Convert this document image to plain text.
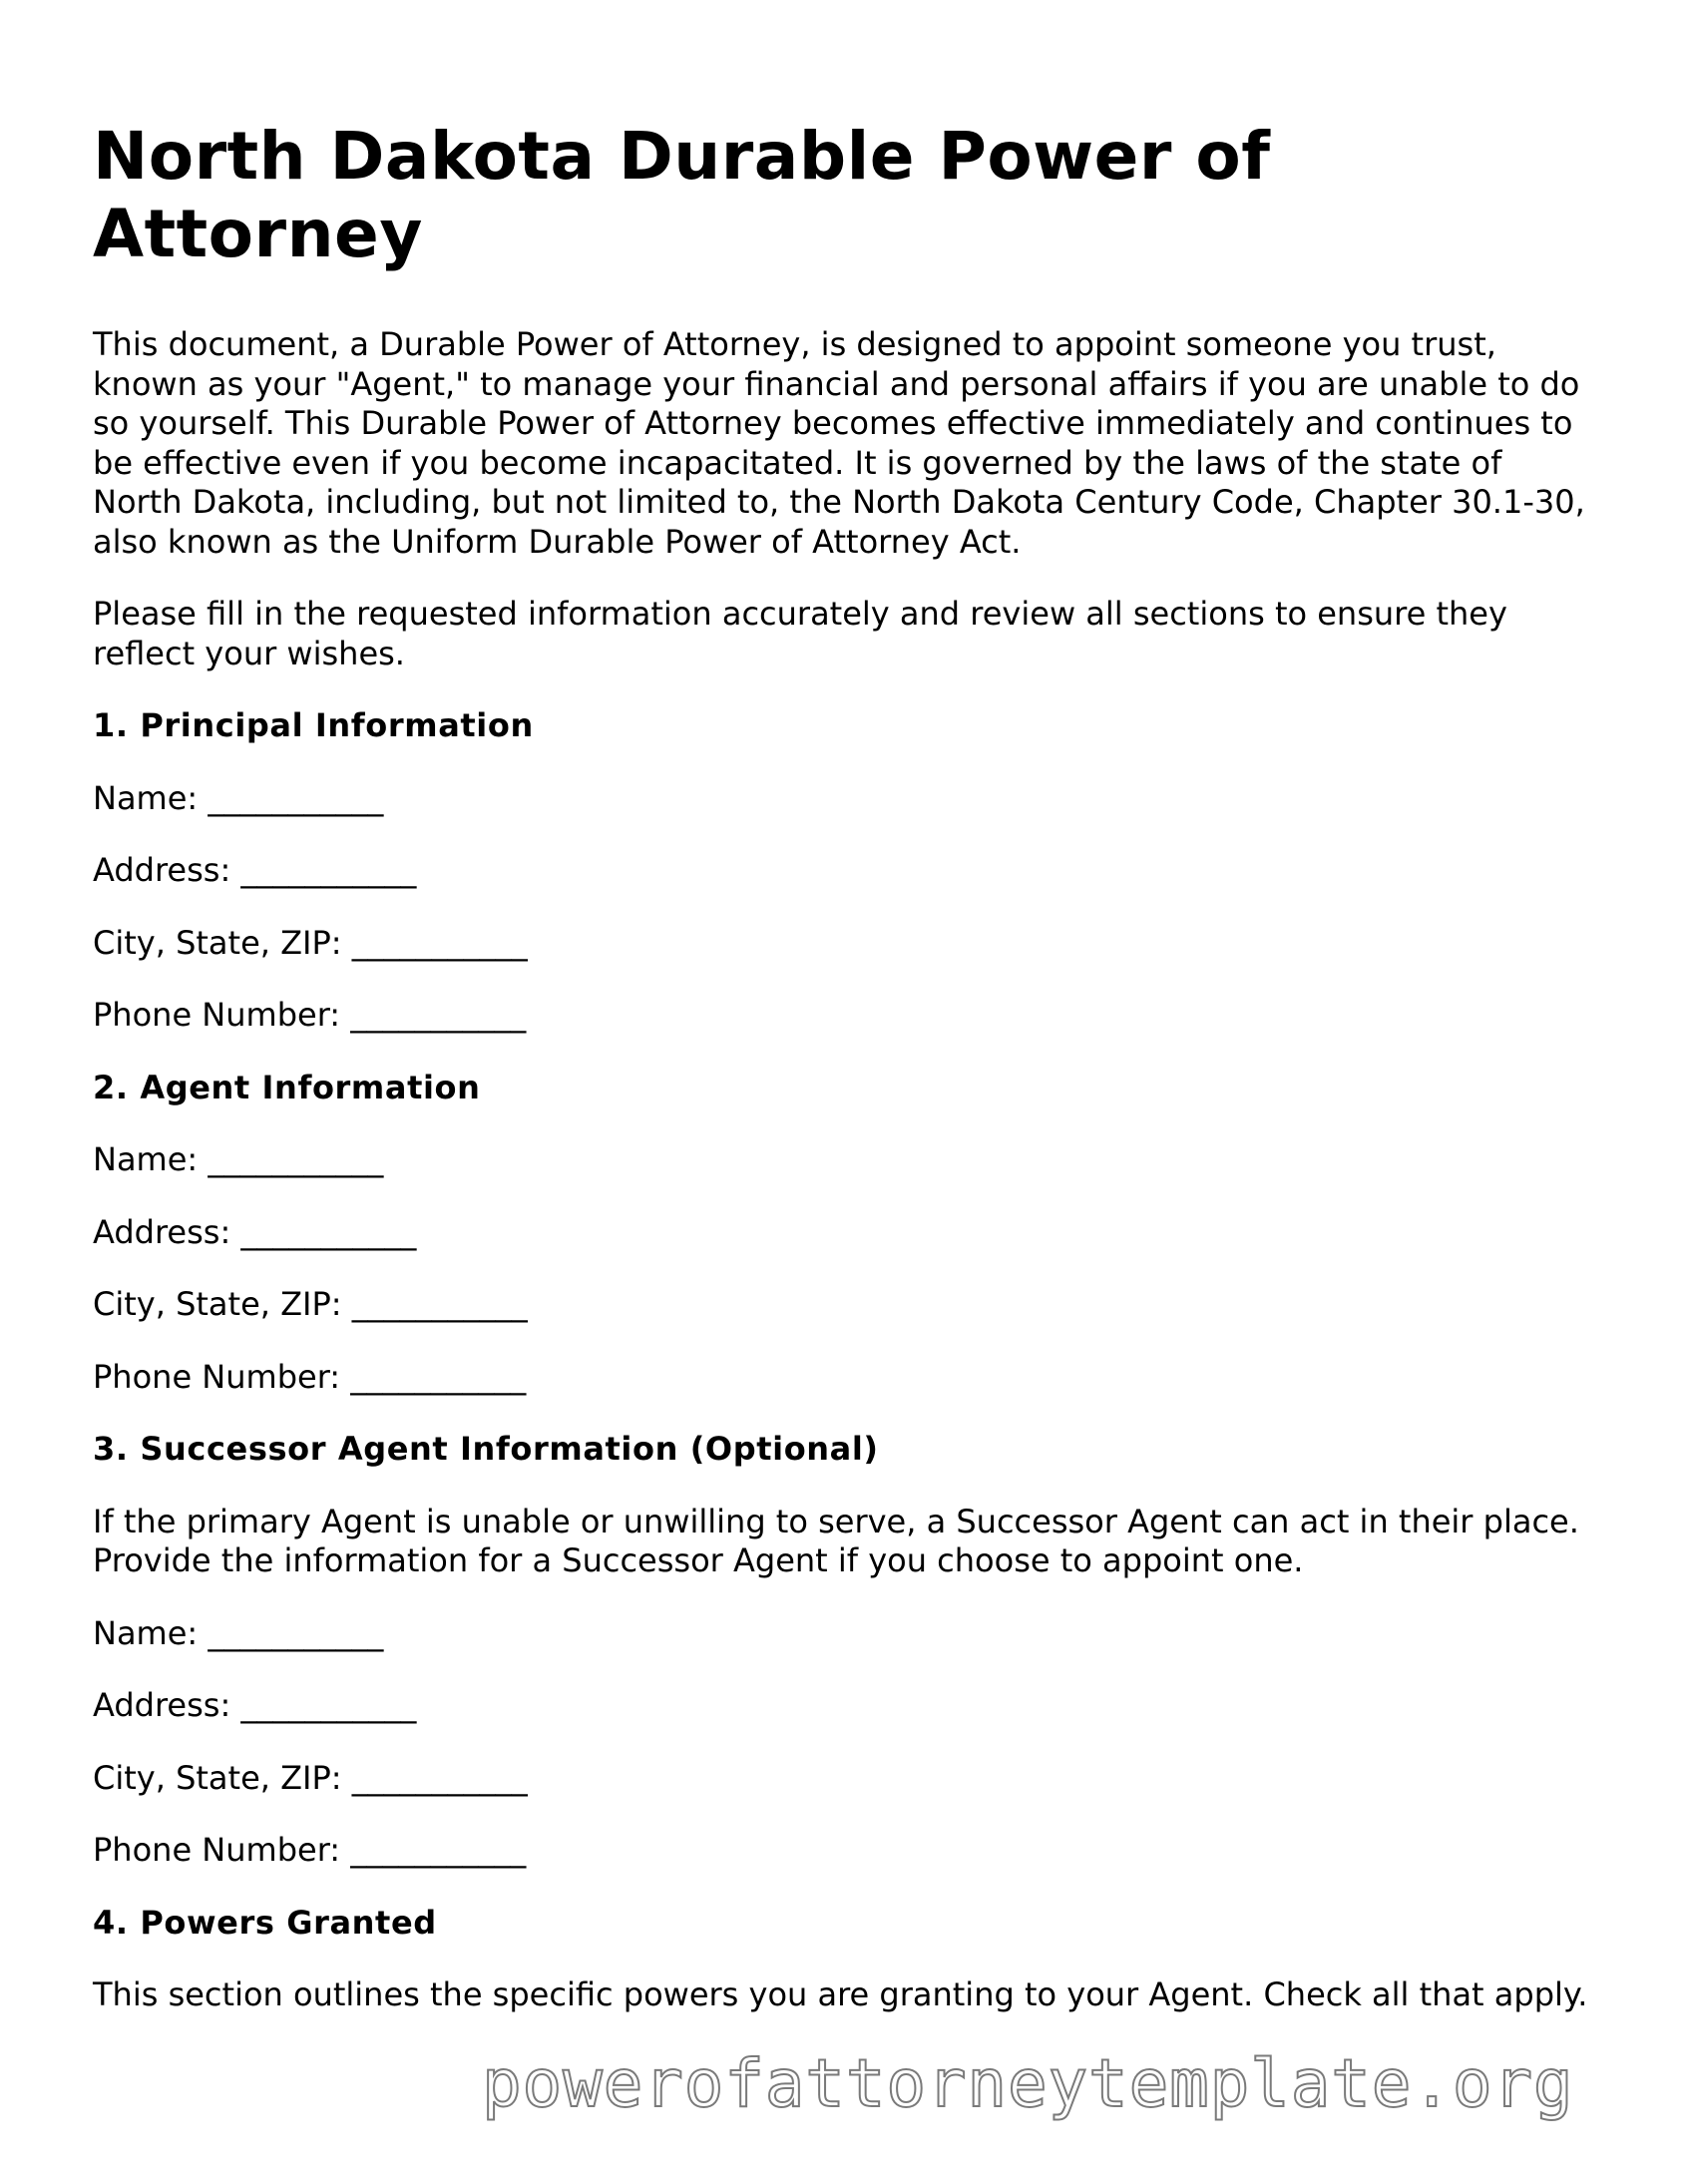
North Dakota Durable Power of Attorney

This document, a Durable Power of Attorney, is designed to appoint someone you trust, known as your "Agent," to manage your financial and personal affairs if you are unable to do so yourself. This Durable Power of Attorney becomes effective immediately and continues to be effective even if you become incapacitated. It is governed by the laws of the state of North Dakota, including, but not limited to, the North Dakota Century Code, Chapter 30.1-30, also known as the Uniform Durable Power of Attorney Act.

Please fill in the requested information accurately and review all sections to ensure they reflect your wishes.

1. Principal Information
Name: ___________
Address: ___________
City, State, ZIP: ___________
Phone Number: ___________
2. Agent Information
Name: ___________
Address: ___________
City, State, ZIP: ___________
Phone Number: ___________
3. Successor Agent Information (Optional)

If the primary Agent is unable or unwilling to serve, a Successor Agent can act in their place. Provide the information for a Successor Agent if you choose to appoint one.

Name: ___________
Address: ___________
City, State, ZIP: ___________
Phone Number: ___________
4. Powers Granted

This section outlines the specific powers you are granting to your Agent. Check all that apply.

powerofattorneytemplate.org
